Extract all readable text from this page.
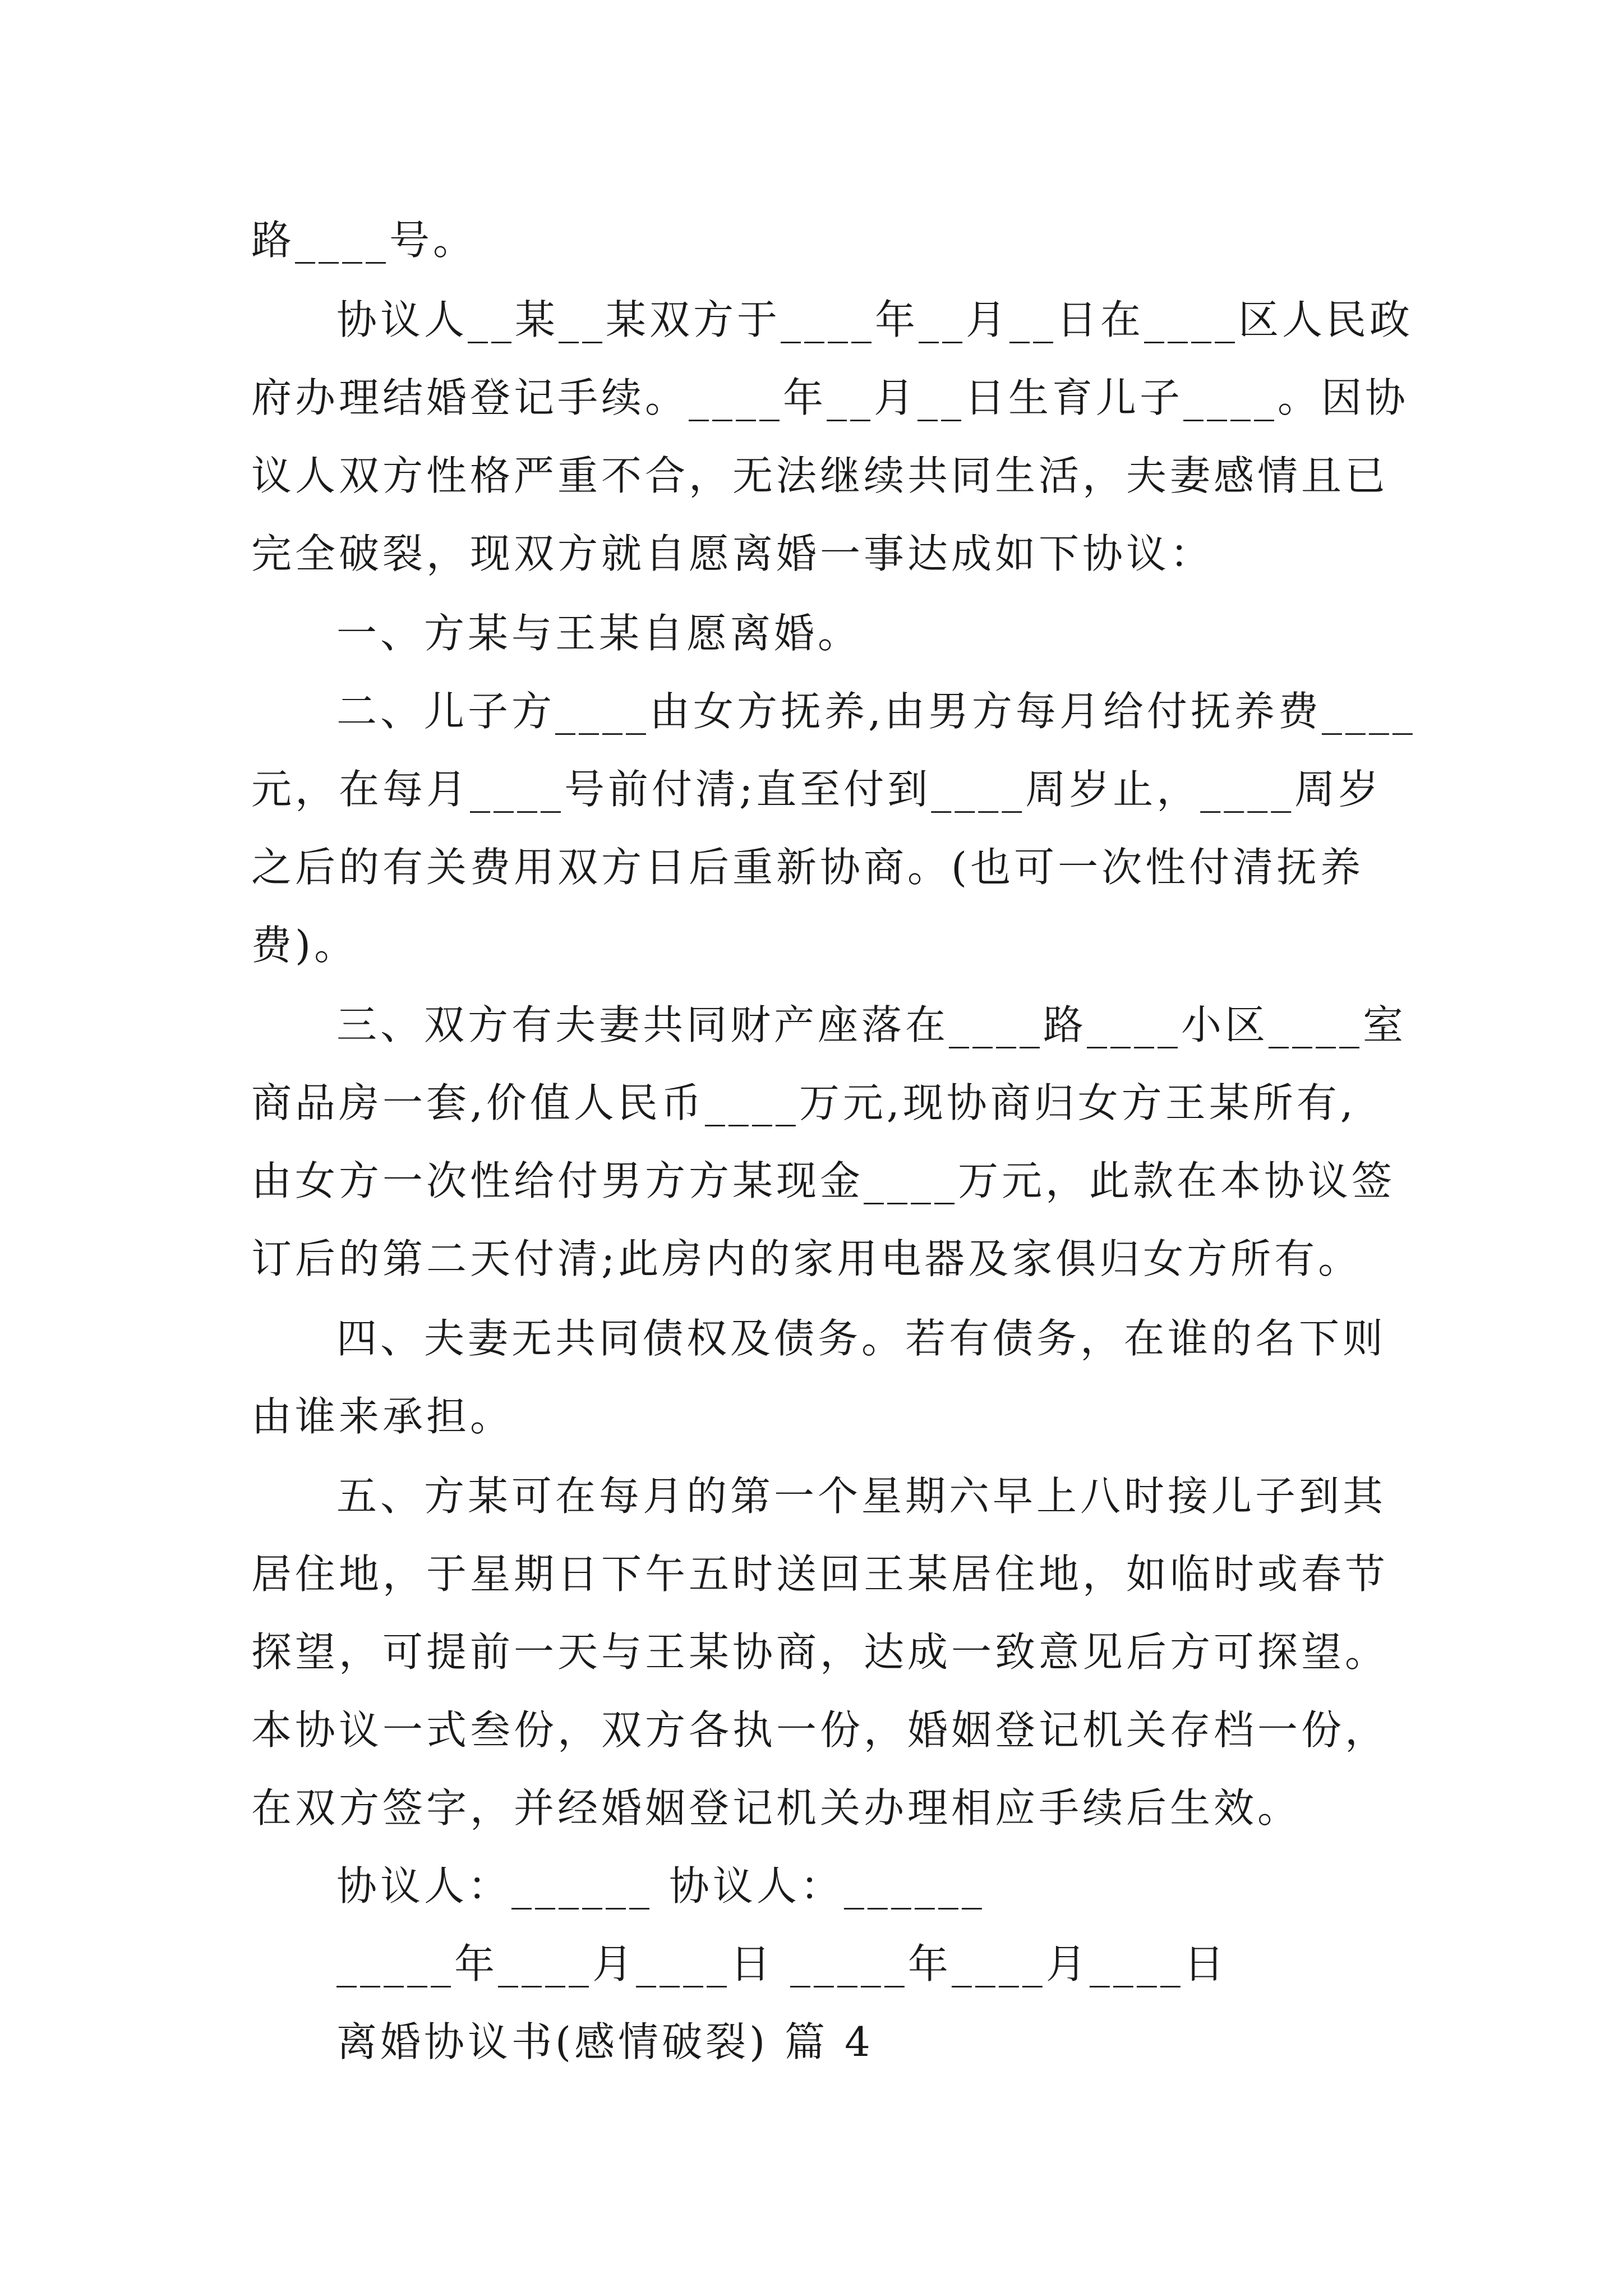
路____号。
协议人__某__某双方于____年__月__日在____区人民政
府办理结婚登记手续。____年__月__日生育儿子____。因协
议人双方性格严重不合，无法继续共同生活，夫妻感情且已
完全破裂，现双方就自愿离婚一事达成如下协议：
一、方某与王某自愿离婚。
二、儿子方____由女方抚养,由男方每月给付抚养费____
元，在每月____号前付清;直至付到____周岁止，____周岁
之后的有关费用双方日后重新协商。(也可一次性付清抚养
费)。
三、双方有夫妻共同财产座落在____路____小区____室
商品房一套,价值人民币____万元,现协商归女方王某所有,
由女方一次性给付男方方某现金____万元，此款在本协议签
订后的第二天付清;此房内的家用电器及家俱归女方所有。
四、夫妻无共同债权及债务。若有债务，在谁的名下则
由谁来承担。
五、方某可在每月的第一个星期六早上八时接儿子到其
居住地，于星期日下午五时送回王某居住地，如临时或春节
探望，可提前一天与王某协商，达成一致意见后方可探望。
本协议一式叁份，双方各执一份，婚姻登记机关存档一份，
在双方签字，并经婚姻登记机关办理相应手续后生效。
协议人：______ 协议人：______
_____年____月____日 _____年____月____日
离婚协议书(感情破裂) 篇 4
